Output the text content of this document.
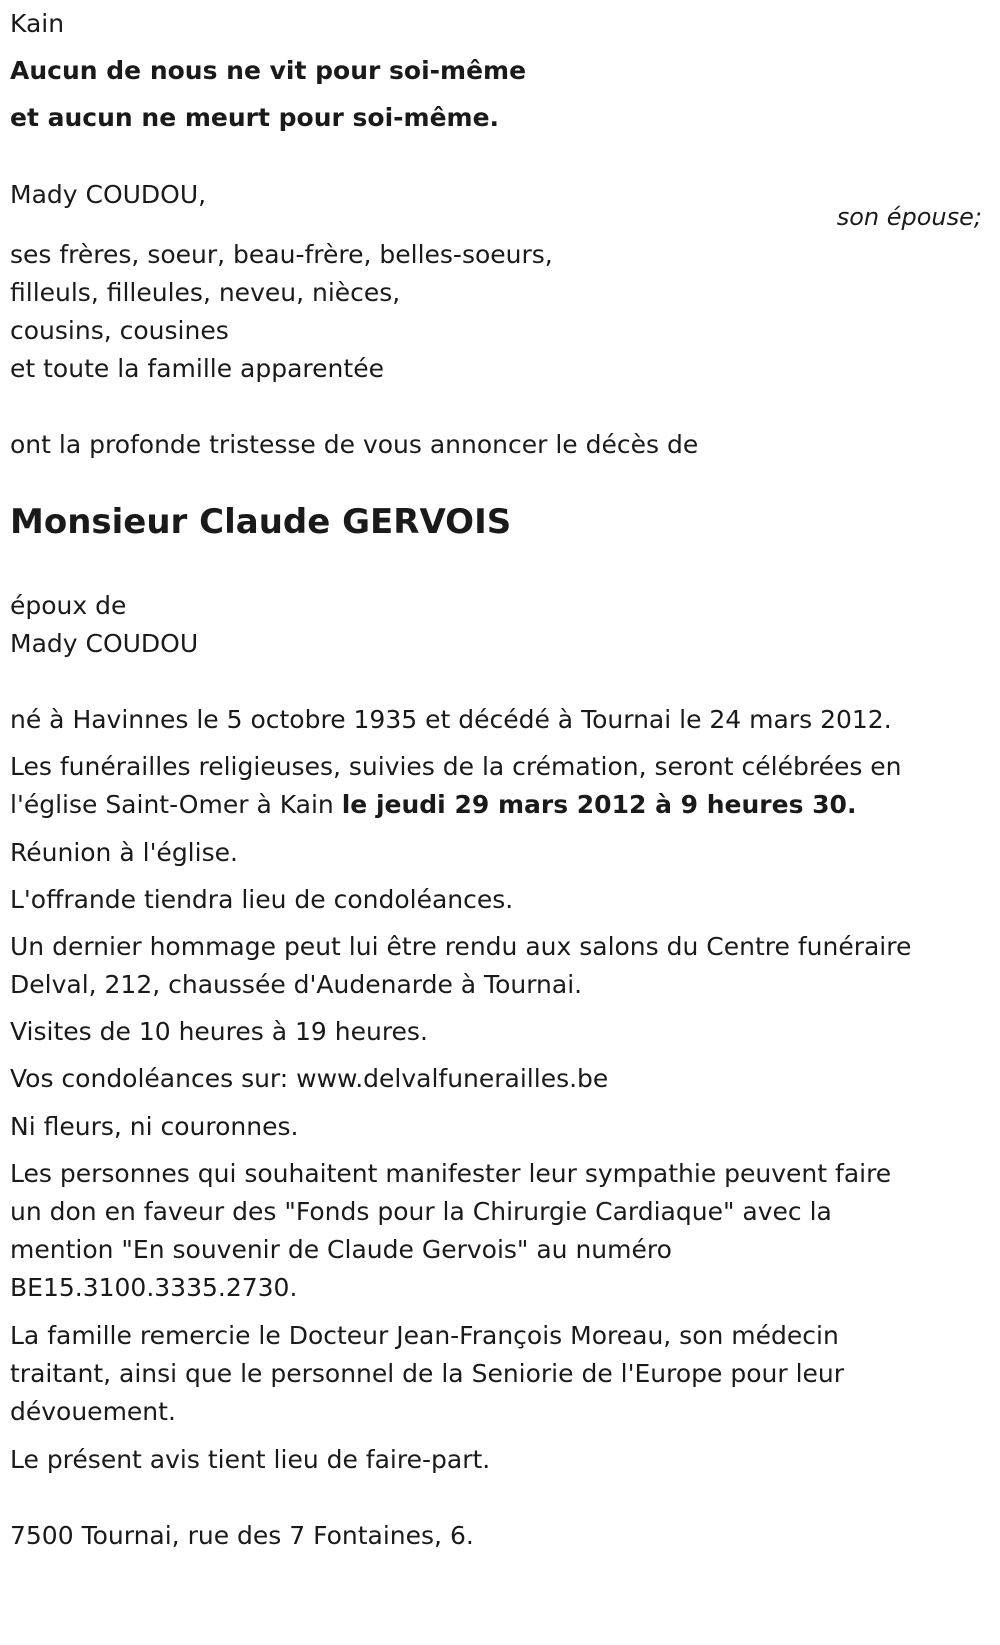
Kain

Aucun de nous ne vit pour soi-même

et aucun ne meurt pour soi-même.

Mady COUDOU,

son épouse;

ses frères, soeur, beau-frère, belles-soeurs,

filleuls, filleules, neveu, nièces,

cousins, cousines

et toute la famille apparentée

ont la profonde tristesse de vous annoncer le décès de

Monsieur Claude GERVOIS

époux de

Mady COUDOU

né à Havinnes le 5 octobre 1935 et décédé à Tournai le 24 mars 2012.

Les funérailles religieuses, suivies de la crémation, seront célébrées en

l'église Saint-Omer à Kain le jeudi 29 mars 2012 à 9 heures 30.

Réunion à l'église.

L'offrande tiendra lieu de condoléances.

Un dernier hommage peut lui être rendu aux salons du Centre funéraire

Delval, 212, chaussée d'Audenarde à Tournai.

Visites de 10 heures à 19 heures.

Vos condoléances sur: www.delvalfunerailles.be

Ni fleurs, ni couronnes.

Les personnes qui souhaitent manifester leur sympathie peuvent faire

un don en faveur des "Fonds pour la Chirurgie Cardiaque" avec la

mention "En souvenir de Claude Gervois" au numéro

BE15.3100.3335.2730.

La famille remercie le Docteur Jean-François Moreau, son médecin

traitant, ainsi que le personnel de la Seniorie de l'Europe pour leur

dévouement.

Le présent avis tient lieu de faire-part.

7500 Tournai, rue des 7 Fontaines, 6.
